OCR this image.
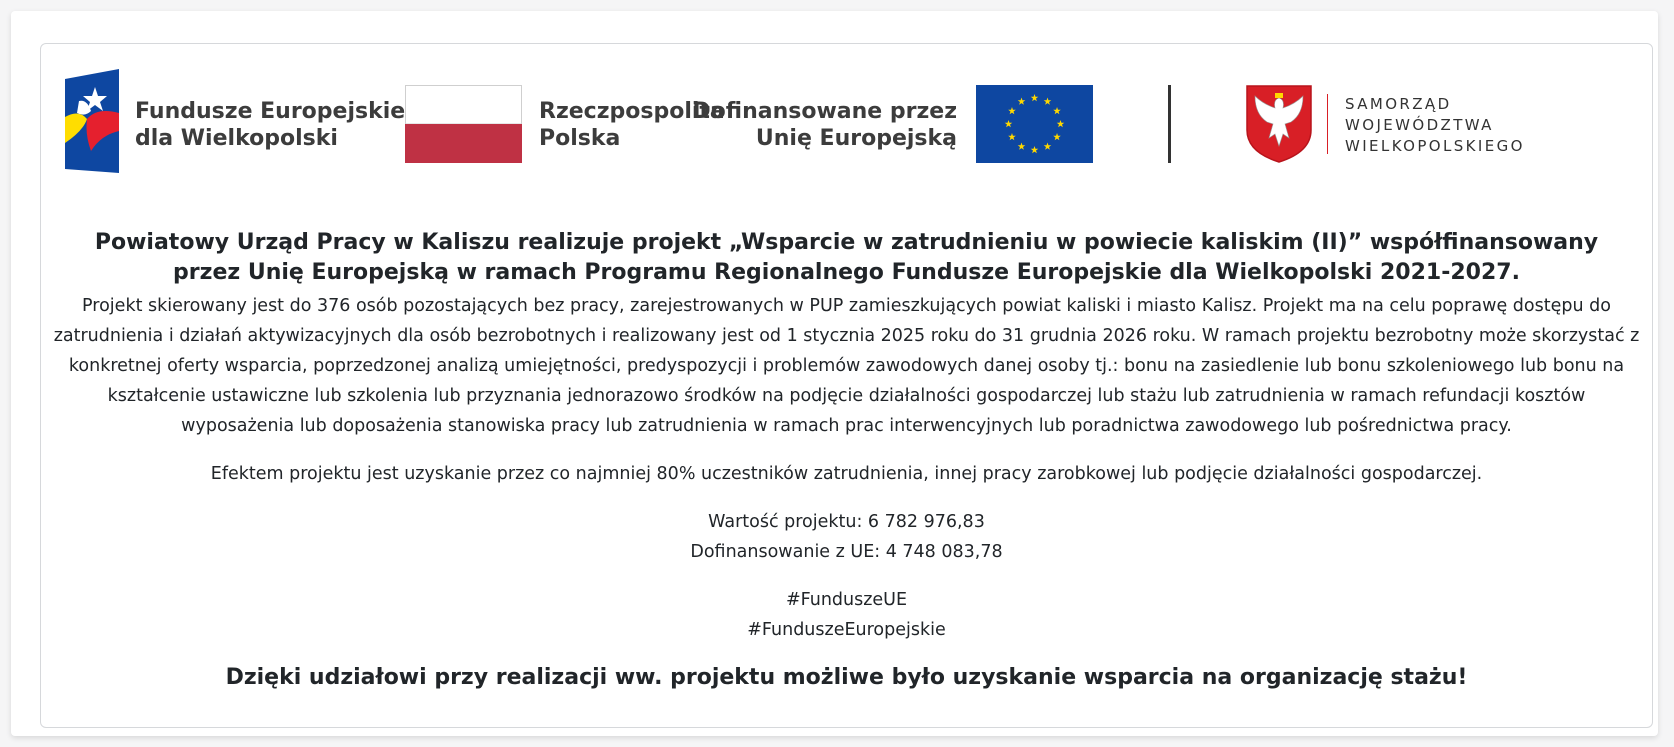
Fundusze Europejskie
dla Wielkopolski
Rzeczpospolita
Polska
Dofinansowane przez
Unię Europejską
SAMORZĄD
WOJEWÓDZTWA
WIELKOPOLSKIEGO
Powiatowy Urząd Pracy w Kaliszu realizuje projekt „Wsparcie w zatrudnieniu w powiecie kaliskim (II)” współfinansowany przez Unię Europejską w ramach Programu Regionalnego Fundusze Europejskie dla Wielkopolski 2021-2027.

Projekt skierowany jest do 376 osób pozostających bez pracy, zarejestrowanych w PUP zamieszkujących powiat kaliski i miasto Kalisz. Projekt ma na celu poprawę dostępu do zatrudnienia i działań aktywizacyjnych dla osób bezrobotnych i realizowany jest od 1 stycznia 2025 roku do 31 grudnia 2026 roku. W ramach projektu bezrobotny może skorzystać z konkretnej oferty wsparcia, poprzedzonej analizą umiejętności, predyspozycji i problemów zawodowych danej osoby tj.: bonu na zasiedlenie lub bonu szkoleniowego lub bonu na kształcenie ustawiczne lub szkolenia lub przyznania jednorazowo środków na podjęcie działalności gospodarczej lub stażu lub zatrudnienia w ramach refundacji kosztów wyposażenia lub doposażenia stanowiska pracy lub zatrudnienia w ramach prac interwencyjnych lub poradnictwa zawodowego lub pośrednictwa pracy.

Efektem projektu jest uzyskanie przez co najmniej 80% uczestników zatrudnienia, innej pracy zarobkowej lub podjęcie działalności gospodarczej.

Wartość projektu: 6 782 976,83

Dofinansowanie z UE: 4 748 083,78

#FunduszeUE

#FunduszeEuropejskie

Dzięki udziałowi przy realizacji ww. projektu możliwe było uzyskanie wsparcia na organizację stażu!
